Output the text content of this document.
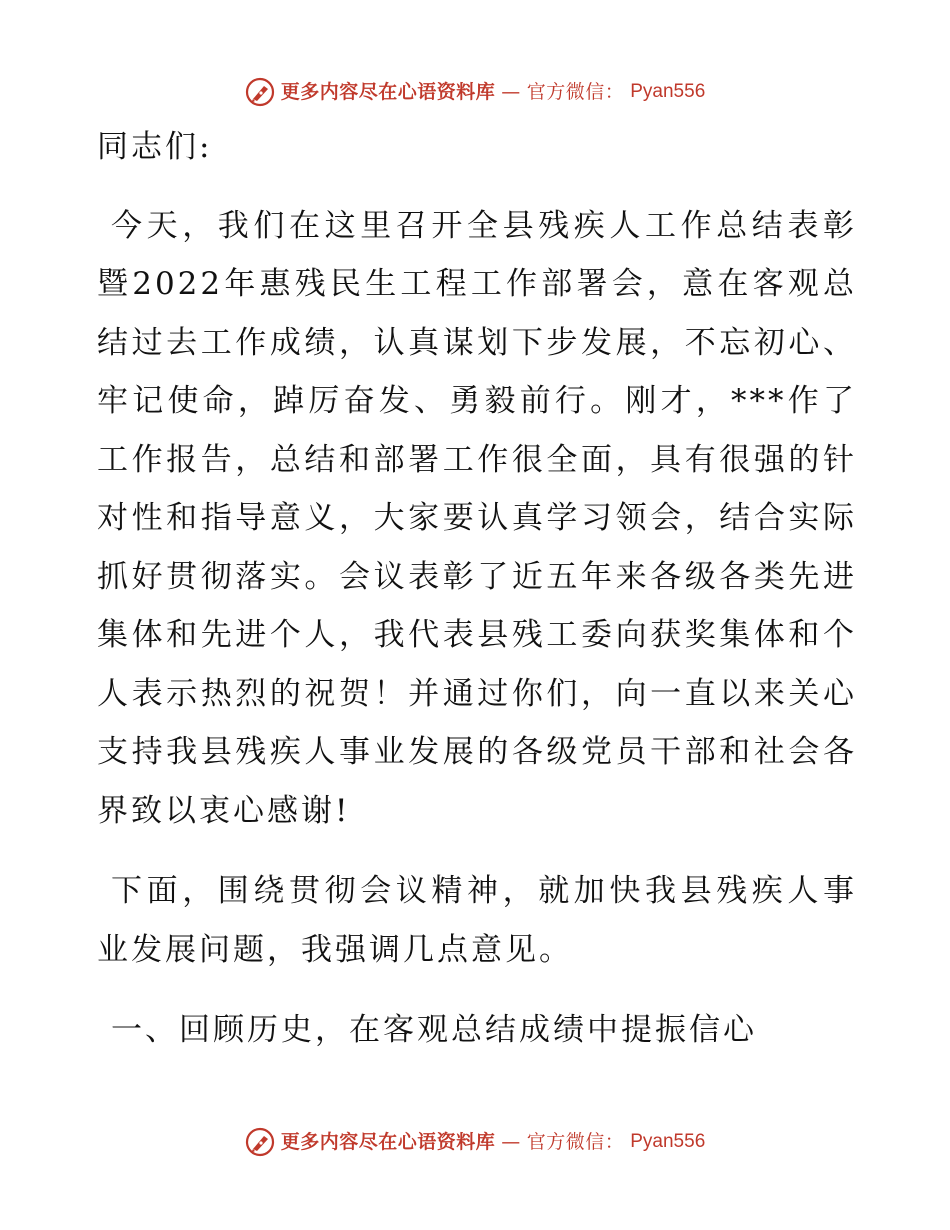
更多内容尽在心语资料库 — 官方微信： Pyan556

同志们:

今天，我们在这里召开全县残疾人工作总结表彰暨2022年惠残民生工程工作部署会，意在客观总结过去工作成绩，认真谋划下步发展，不忘初心、牢记使命，踔厉奋发、勇毅前行。刚才，***作了工作报告，总结和部署工作很全面，具有很强的针对性和指导意义，大家要认真学习领会，结合实际抓好贯彻落实。会议表彰了近五年来各级各类先进集体和先进个人，我代表县残工委向获奖集体和个人表示热烈的祝贺！并通过你们，向一直以来关心支持我县残疾人事业发展的各级党员干部和社会各界致以衷心感谢!

下面，围绕贯彻会议精神，就加快我县残疾人事业发展问题，我强调几点意见。

一、回顾历史，在客观总结成绩中提振信心

更多内容尽在心语资料库 — 官方微信： Pyan556
